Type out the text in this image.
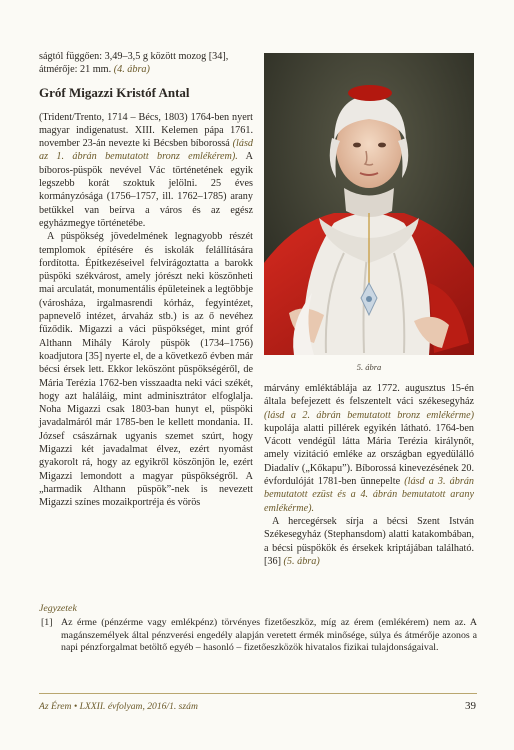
ságtól függően: 3,49–3,5 g között mozog [34],
átmérője: 21 mm. (4. ábra)

Gróf Migazzi Kristóf Antal

(Trident/Trento, 1714 – Bécs, 1803) 1764-ben nyert magyar indigenatust. XIII. Kelemen pápa 1761. november 23-án nevezte ki Bécsben bíborossá (lásd az 1. ábrán bemutatott bronz emlékérem). A bíboros-püspök nevével Vác történetének egyik legszebb korát szoktuk jelölni. 25 éves kormányzósága (1756–1757, ill. 1762–1785) arany betűkkel van beírva a város és az egész egyházmegye történetébe.

A püspökség jövedelmének legnagyobb részét templomok építésére és iskolák felállítására fordította. Építkezéseivel felvirágoztatta a barokk püspöki székvárost, amely jórészt neki köszönheti mai arculatát, monumentális épületeinek a legtöbbje (városháza, irgalmasrendi kórház, fegyintézet, papnevelő intézet, árvaház stb.) is az ő nevéhez fűződik. Migazzi a váci püspökséget, mint gróf Althann Mihály Károly püspök (1734–1756) koadjutora [35] nyerte el, de a következő évben már bécsi érsek lett. Ekkor leköszönt püspökségéről, de Mária Terézia 1762-ben visszaadta neki váci székét, hogy azt haláláig, mint adminisztrátor elfoglalja. Noha Migazzi csak 1803-ban hunyt el, püspöki javadalmáról már 1785-ben le kellett mondania. II. József császárnak ugyanis szemet szúrt, hogy Migazzi két javadalmat élvez, ezért nyomást gyakorolt rá, hogy az egyikről köszönjön le, ezért Migazzi lemondott a magyar püspökségről. A „harmadik Althann püspök”-nek is nevezett Migazzi színes mozaikportréja és vörös

5. ábra

márvány emléktáblája az 1772. augusztus 15-én általa befejezett és felszentelt váci székesegyház (lásd a 2. ábrán bemutatott bronz emlékérme) kupolája alatti pillérek egyikén látható. 1764-ben Vácott vendégül látta Mária Terézia királynőt, amely vizitáció emléke az országban egyedülálló Diadalív („Kőkapu”). Bíborossá kinevezésének 20. évfordulóját 1781-ben ünnepelte (lásd a 3. ábrán bemutatott ezüst és a 4. ábrán bemutatott arany emlékérme).

A hercegérsek sírja a bécsi Szent István Székesegyház (Stephansdom) alatti katakombában, a bécsi püspökök és érsekek kriptájában található. [36] (5. ábra)

Jegyzetek
[1] Az érme (pénzérme vagy emlékpénz) törvényes fizetőeszköz, míg az érem (emlékérem) nem az. A magánszemélyek által pénzverési engedély alapján veretett érmék minősége, súlya és átmérője azonos a napi pénzforgalmat betöltő egyéb – hasonló – fizetőeszközök hivatalos fizikai tulajdonságaival.
Az Érem • LXXII. évfolyam, 2016/1. szám	39
